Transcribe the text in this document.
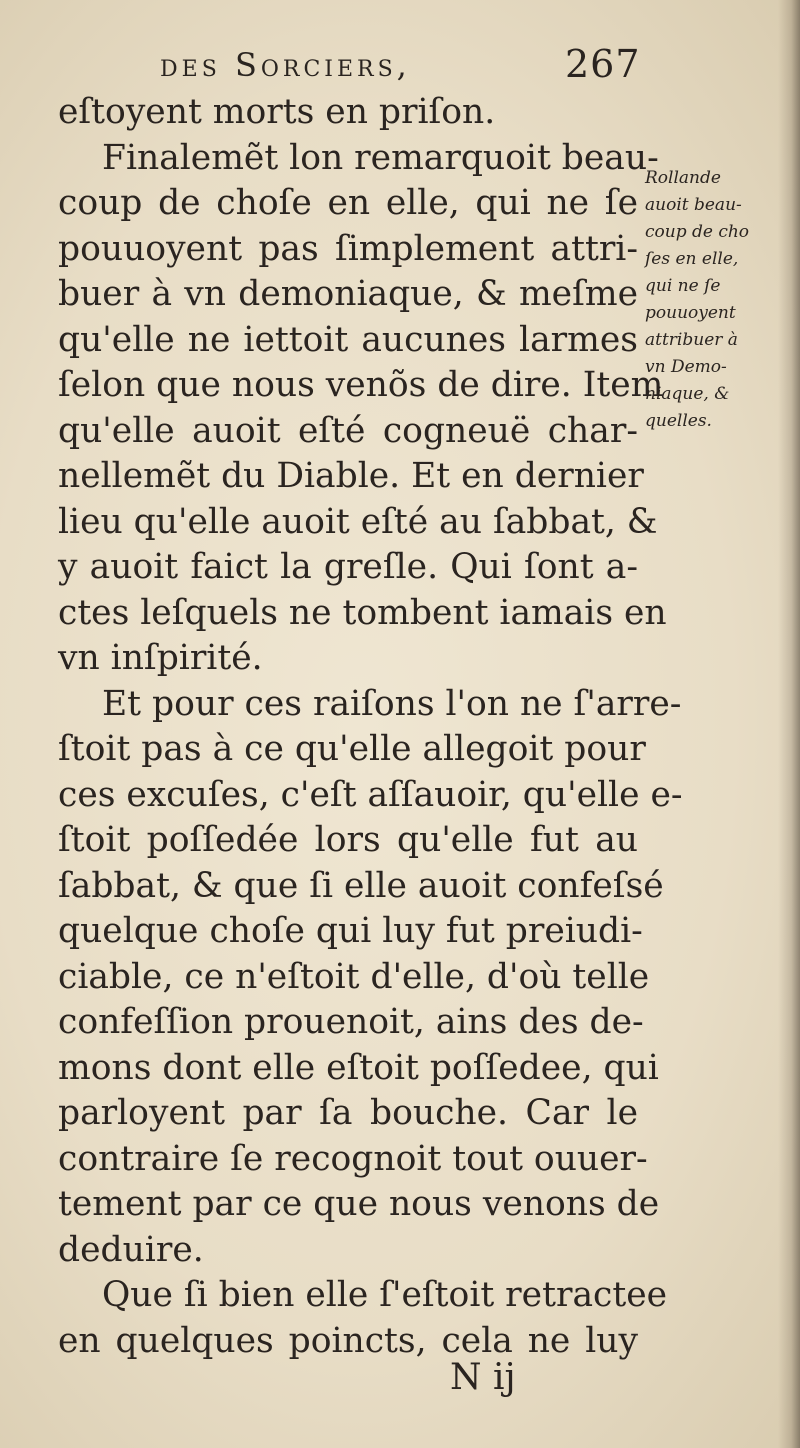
des Sorciers,	267
eſtoyent morts en priſon.
Finalemẽt lon remarquoit beau-
coup de choſe en elle, qui ne ſe
pouuoyent pas ſimplement attri-
buer à vn demoniaque, & meſme
qu'elle ne iettoit aucunes larmes
ſelon que nous venõs de dire. Item
qu'elle auoit eſté cogneuë char-
nellemẽt du Diable. Et en dernier
lieu qu'elle auoit eſté au ſabbat, &
y auoit faict la greſle. Qui ſont a-
ctes leſquels ne tombent iamais en
vn inſpirité.
Et pour ces raiſons l'on ne ſ'arre-
ſtoit pas à ce qu'elle allegoit pour
ces excuſes, c'eſt aſſauoir, qu'elle e-
ſtoit poſſedée lors qu'elle fut au
ſabbat, & que ſi elle auoit confeſsé
quelque choſe qui luy fut preiudi-
ciable, ce n'eſtoit d'elle, d'où telle
confeſſion prouenoit, ains des de-
mons dont elle eſtoit poſſedee, qui
parloyent par ſa bouche. Car le
contraire ſe recognoit tout ouuer-
tement par ce que nous venons de
deduire.
Que ſi bien elle ſ'eſtoit retractee
en quelques poincts, cela ne luy
Rollande
auoit beau-
coup de cho
ſes en elle,
qui ne ſe
pouuoyent
attribuer à
vn Demo-
niaque, &
quelles.
N ij
